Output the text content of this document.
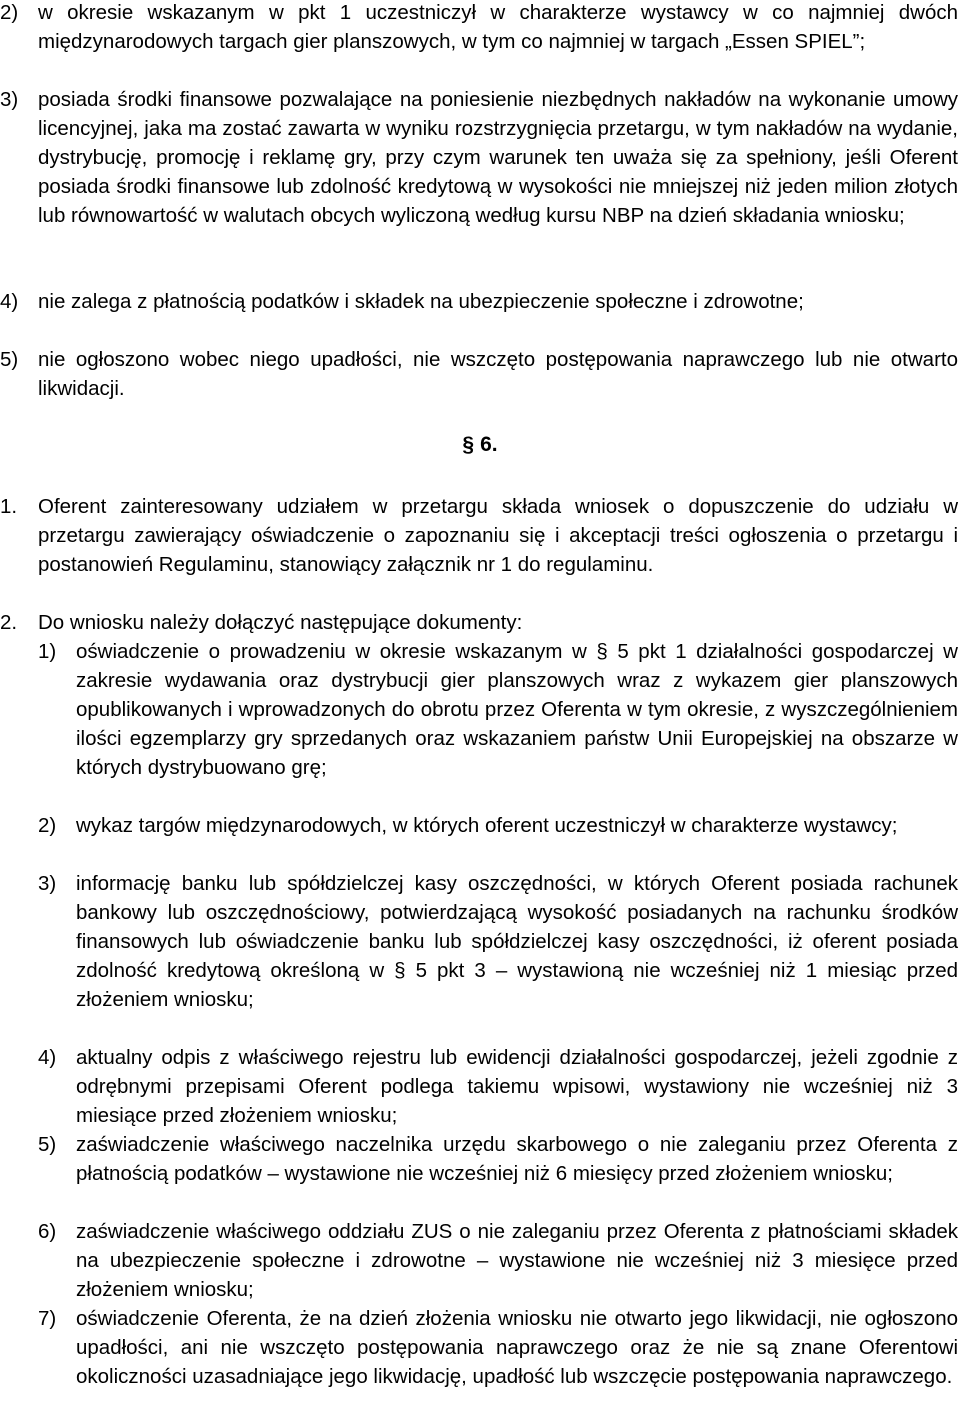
2) w okresie wskazanym w pkt 1 uczestniczył w charakterze wystawcy w co najmniej dwóch międzynarodowych targach gier planszowych, w tym co najmniej w targach „Essen SPIEL”;
3) posiada środki finansowe pozwalające na poniesienie niezbędnych nakładów na wykonanie umowy licencyjnej, jaka ma zostać zawarta w wyniku rozstrzygnięcia przetargu, w tym nakładów na wydanie, dystrybucję, promocję i reklamę gry, przy czym warunek ten uważa się za spełniony, jeśli Oferent posiada środki finansowe lub zdolność kredytową w wysokości nie mniejszej niż jeden milion złotych lub równowartość w walutach obcych wyliczoną według kursu NBP na dzień składania wniosku;
4) nie zalega z płatnością podatków i składek na ubezpieczenie społeczne i zdrowotne;
5) nie ogłoszono wobec niego upadłości, nie wszczęto postępowania naprawczego lub nie otwarto likwidacji.
§ 6.
1.	Oferent zainteresowany udziałem w przetargu składa wniosek o dopuszczenie do udziału w przetargu zawierający oświadczenie o zapoznaniu się i akceptacji treści ogłoszenia o przetargu i postanowień Regulaminu, stanowiący załącznik nr 1 do regulaminu.
2.	Do wniosku należy dołączyć następujące dokumenty:
1) oświadczenie o prowadzeniu w okresie wskazanym w § 5 pkt 1 działalności gospodarczej w zakresie wydawania oraz dystrybucji gier planszowych wraz z wykazem gier planszowych opublikowanych i wprowadzonych do obrotu przez Oferenta w tym okresie, z wyszczególnieniem ilości egzemplarzy gry sprzedanych oraz wskazaniem państw Unii Europejskiej na obszarze w których dystrybuowano grę;
2) wykaz targów międzynarodowych, w których oferent uczestniczył w charakterze wystawcy;
3) informację banku lub spółdzielczej kasy oszczędności, w których Oferent posiada rachunek bankowy lub oszczędnościowy, potwierdzającą wysokość posiadanych na rachunku środków finansowych lub oświadczenie banku lub spółdzielczej kasy oszczędności, iż oferent posiada zdolność kredytową określoną w § 5 pkt 3 – wystawioną nie wcześniej niż 1 miesiąc przed złożeniem wniosku;
4) aktualny odpis z właściwego rejestru lub ewidencji działalności gospodarczej, jeżeli zgodnie z odrębnymi przepisami Oferent podlega takiemu wpisowi, wystawiony nie wcześniej niż 3 miesiące przed złożeniem wniosku;
5) zaświadczenie właściwego naczelnika urzędu skarbowego o nie zaleganiu przez Oferenta z płatnością podatków – wystawione nie wcześniej niż 6 miesięcy przed złożeniem wniosku;
6) zaświadczenie właściwego oddziału ZUS o nie zaleganiu przez Oferenta z płatnościami składek na ubezpieczenie społeczne i zdrowotne – wystawione nie wcześniej niż 3 miesięce przed złożeniem wniosku;
7) oświadczenie Oferenta, że na dzień złożenia wniosku nie otwarto jego likwidacji, nie ogłoszono upadłości, ani nie wszczęto postępowania naprawczego oraz że nie są znane Oferentowi okoliczności uzasadniające jego likwidację, upadłość lub wszczęcie postępowania naprawczego.
